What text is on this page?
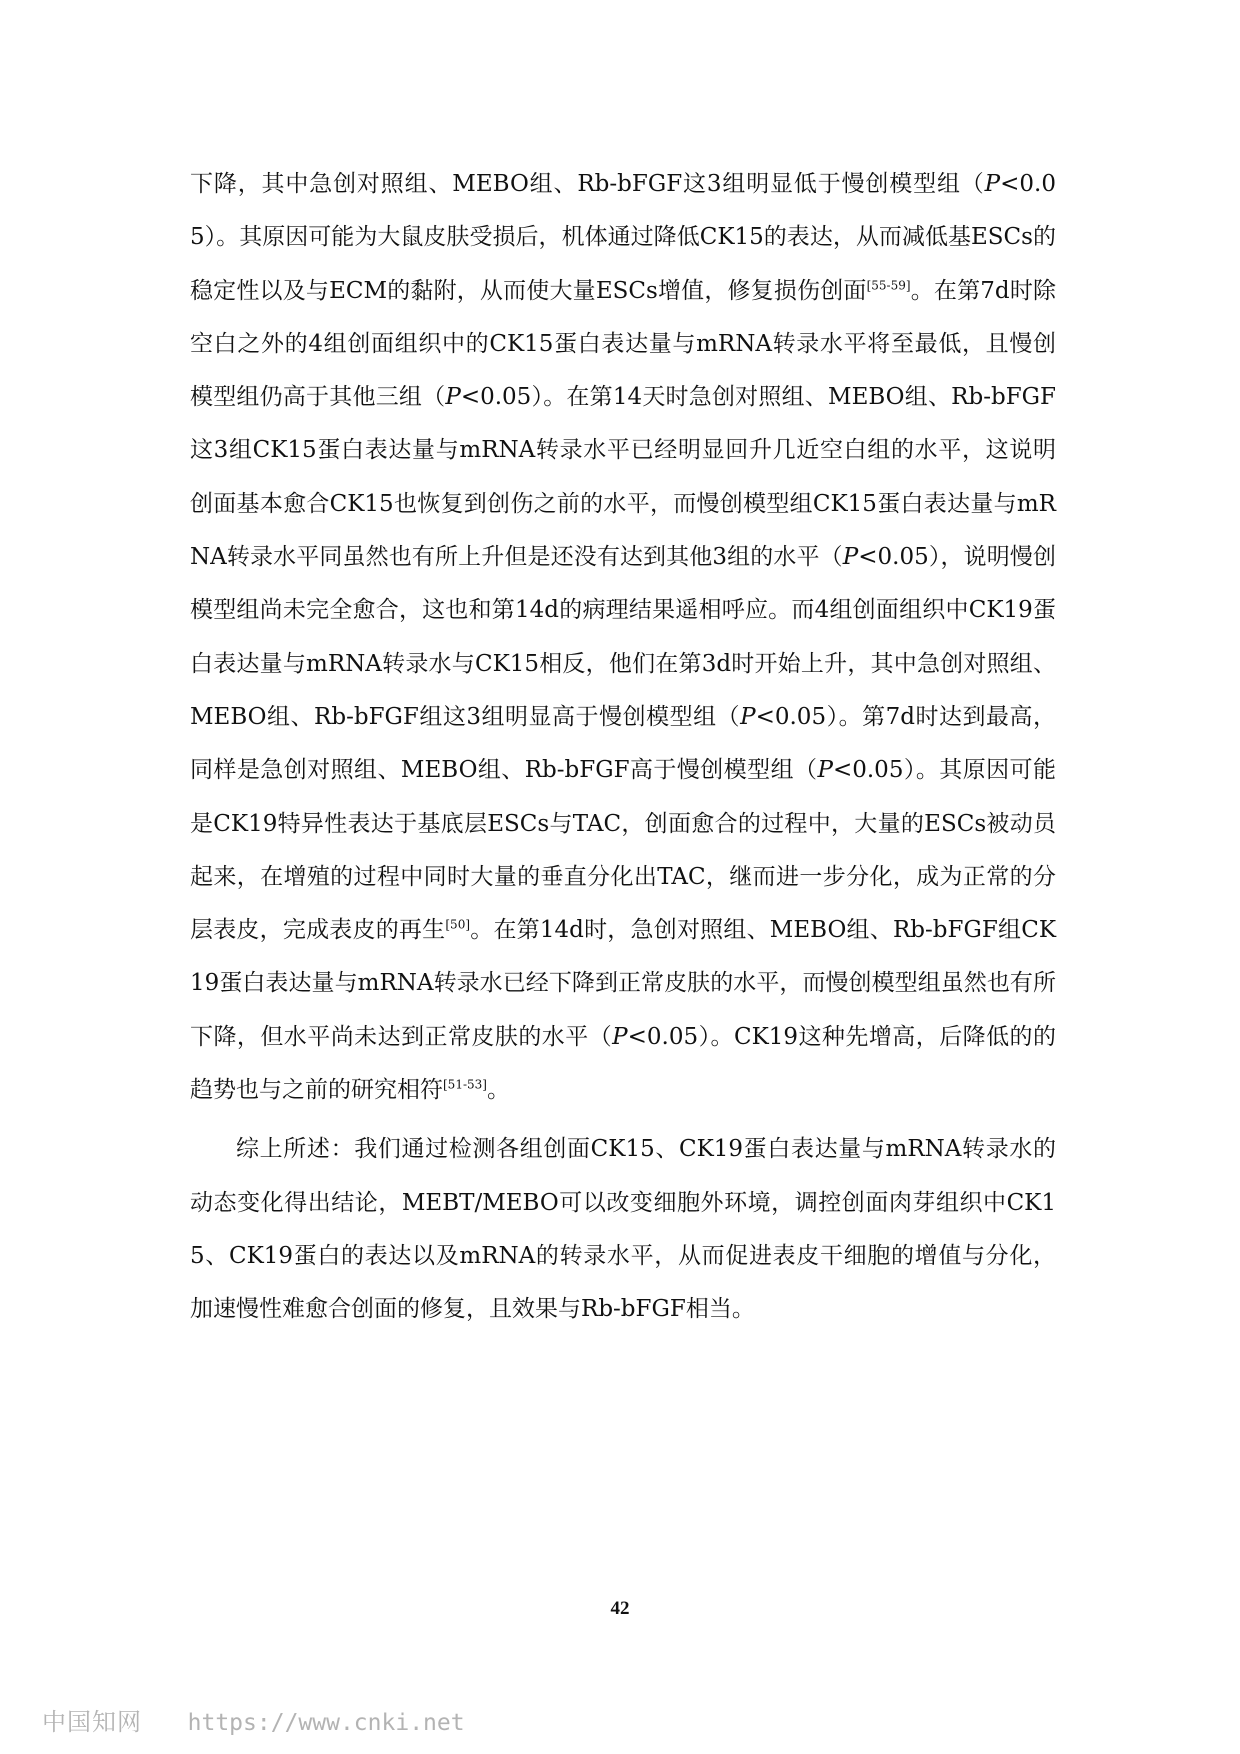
下降，其中急创对照组、MEBO组、Rb-bFGF这3组明显低于慢创模型组（P<0.05）。其原因可能为大鼠皮肤受损后，机体通过降低CK15的表达，从而减低基ESCs的稳定性以及与ECM的黏附，从而使大量ESCs增值，修复损伤创面[55-59]。在第7d时除空白之外的4组创面组织中的CK15蛋白表达量与mRNA转录水平将至最低，且慢创模型组仍高于其他三组（P<0.05）。在第14天时急创对照组、MEBO组、Rb-bFGF这3组CK15蛋白表达量与mRNA转录水平已经明显回升几近空白组的水平，这说明创面基本愈合CK15也恢复到创伤之前的水平，而慢创模型组CK15蛋白表达量与mRNA转录水平同虽然也有所上升但是还没有达到其他3组的水平（P<0.05），说明慢创模型组尚未完全愈合，这也和第14d的病理结果遥相呼应。而4组创面组织中CK19蛋白表达量与mRNA转录水与CK15相反，他们在第3d时开始上升，其中急创对照组、MEBO组、Rb-bFGF组这3组明显高于慢创模型组（P<0.05）。第7d时达到最高，同样是急创对照组、MEBO组、Rb-bFGF高于慢创模型组（P<0.05）。其原因可能是CK19特异性表达于基底层ESCs与TAC，创面愈合的过程中，大量的ESCs被动员起来，在增殖的过程中同时大量的垂直分化出TAC，继而进一步分化，成为正常的分层表皮，完成表皮的再生[50]。在第14d时，急创对照组、MEBO组、Rb-bFGF组CK19蛋白表达量与mRNA转录水已经下降到正常皮肤的水平，而慢创模型组虽然也有所下降，但水平尚未达到正常皮肤的水平（P<0.05）。CK19这种先增高，后降低的的趋势也与之前的研究相符[51-53]。

综上所述：我们通过检测各组创面CK15、CK19蛋白表达量与mRNA转录水的动态变化得出结论，MEBT/MEBO可以改变细胞外环境，调控创面肉芽组织中CK15、CK19蛋白的表达以及mRNA的转录水平，从而促进表皮干细胞的增值与分化，加速慢性难愈合创面的修复，且效果与Rb-bFGF相当。

42
中国知网 https://www.cnki.net
